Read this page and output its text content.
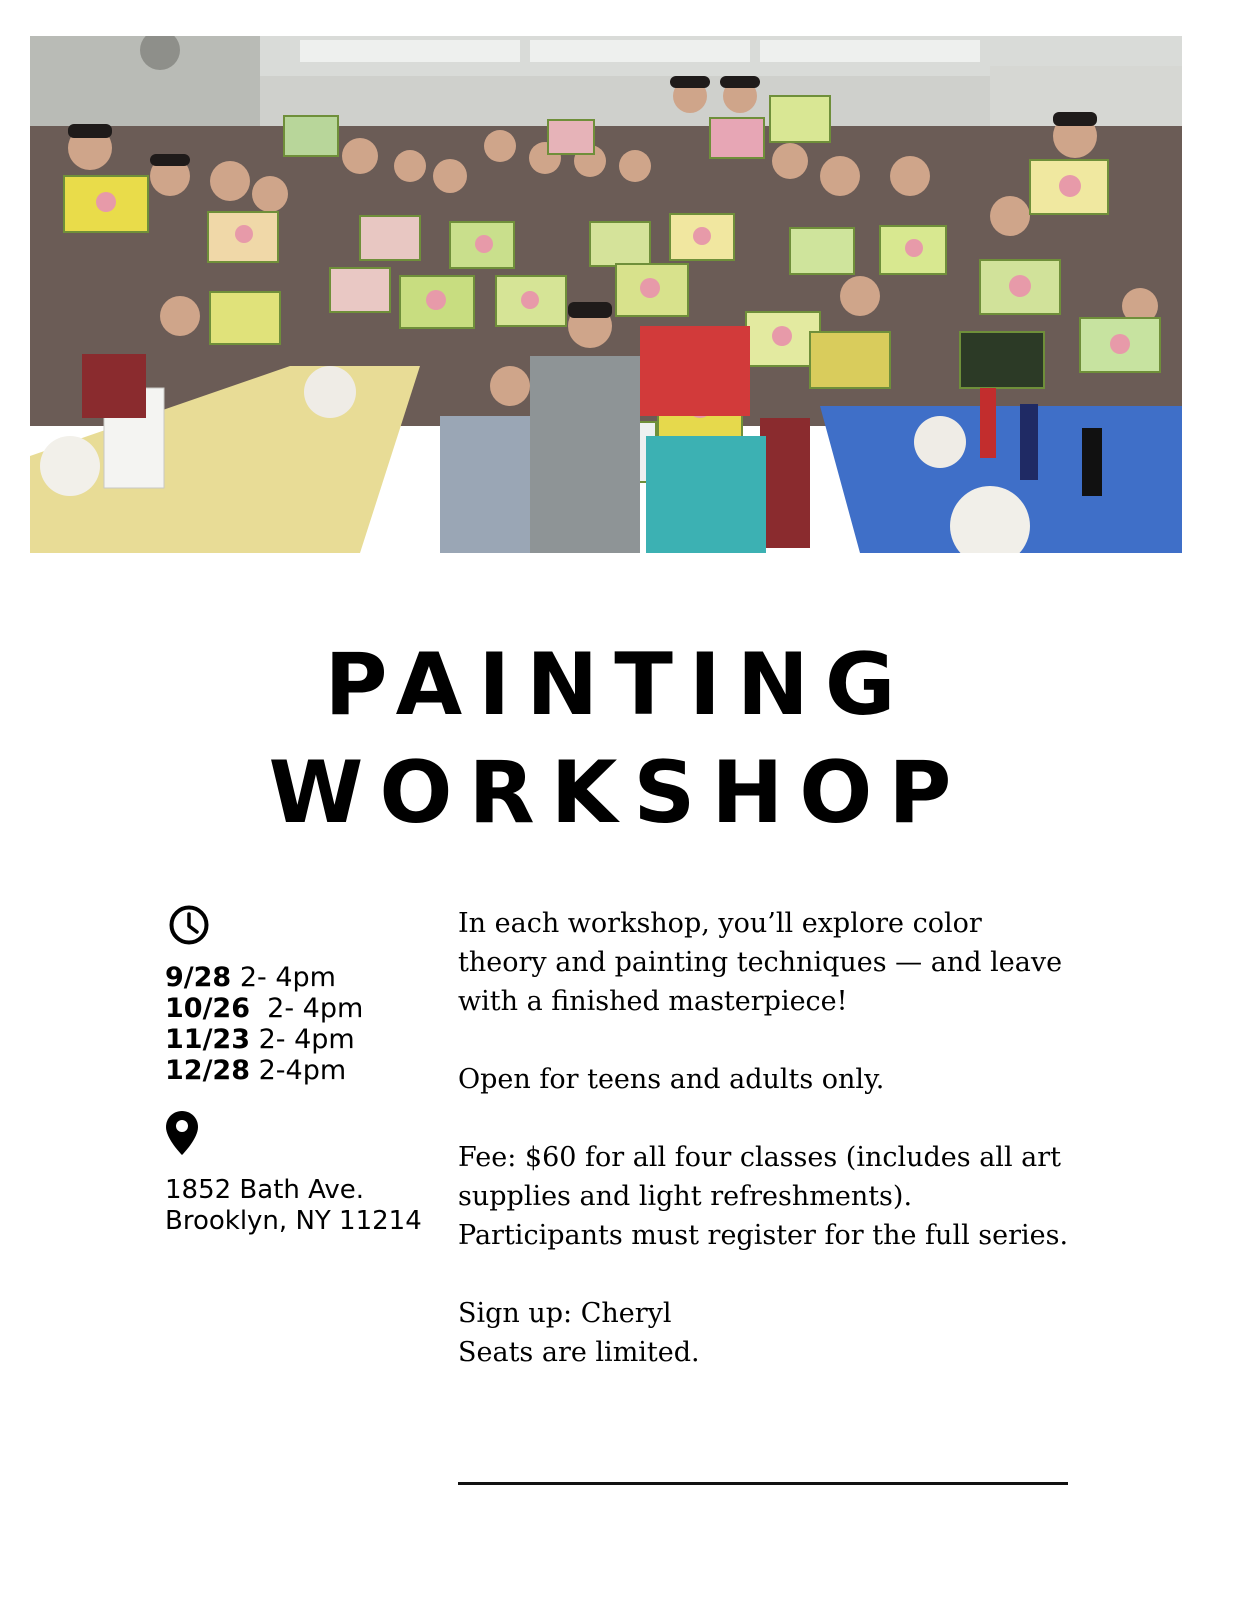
PAINTING
WORKSHOP
9/28 2- 4pm
10/26  2- 4pm
11/23 2- 4pm
12/28 2-4pm
1852 Bath Ave.
Brooklyn, NY 11214

In each workshop, you’ll explore color theory and painting techniques — and leave with a finished masterpiece!

Open for teens and adults only.

Fee: $60 for all four classes (includes all art supplies and light refreshments). Participants must register for the full series.

Sign up: Cheryl
Seats are limited.
